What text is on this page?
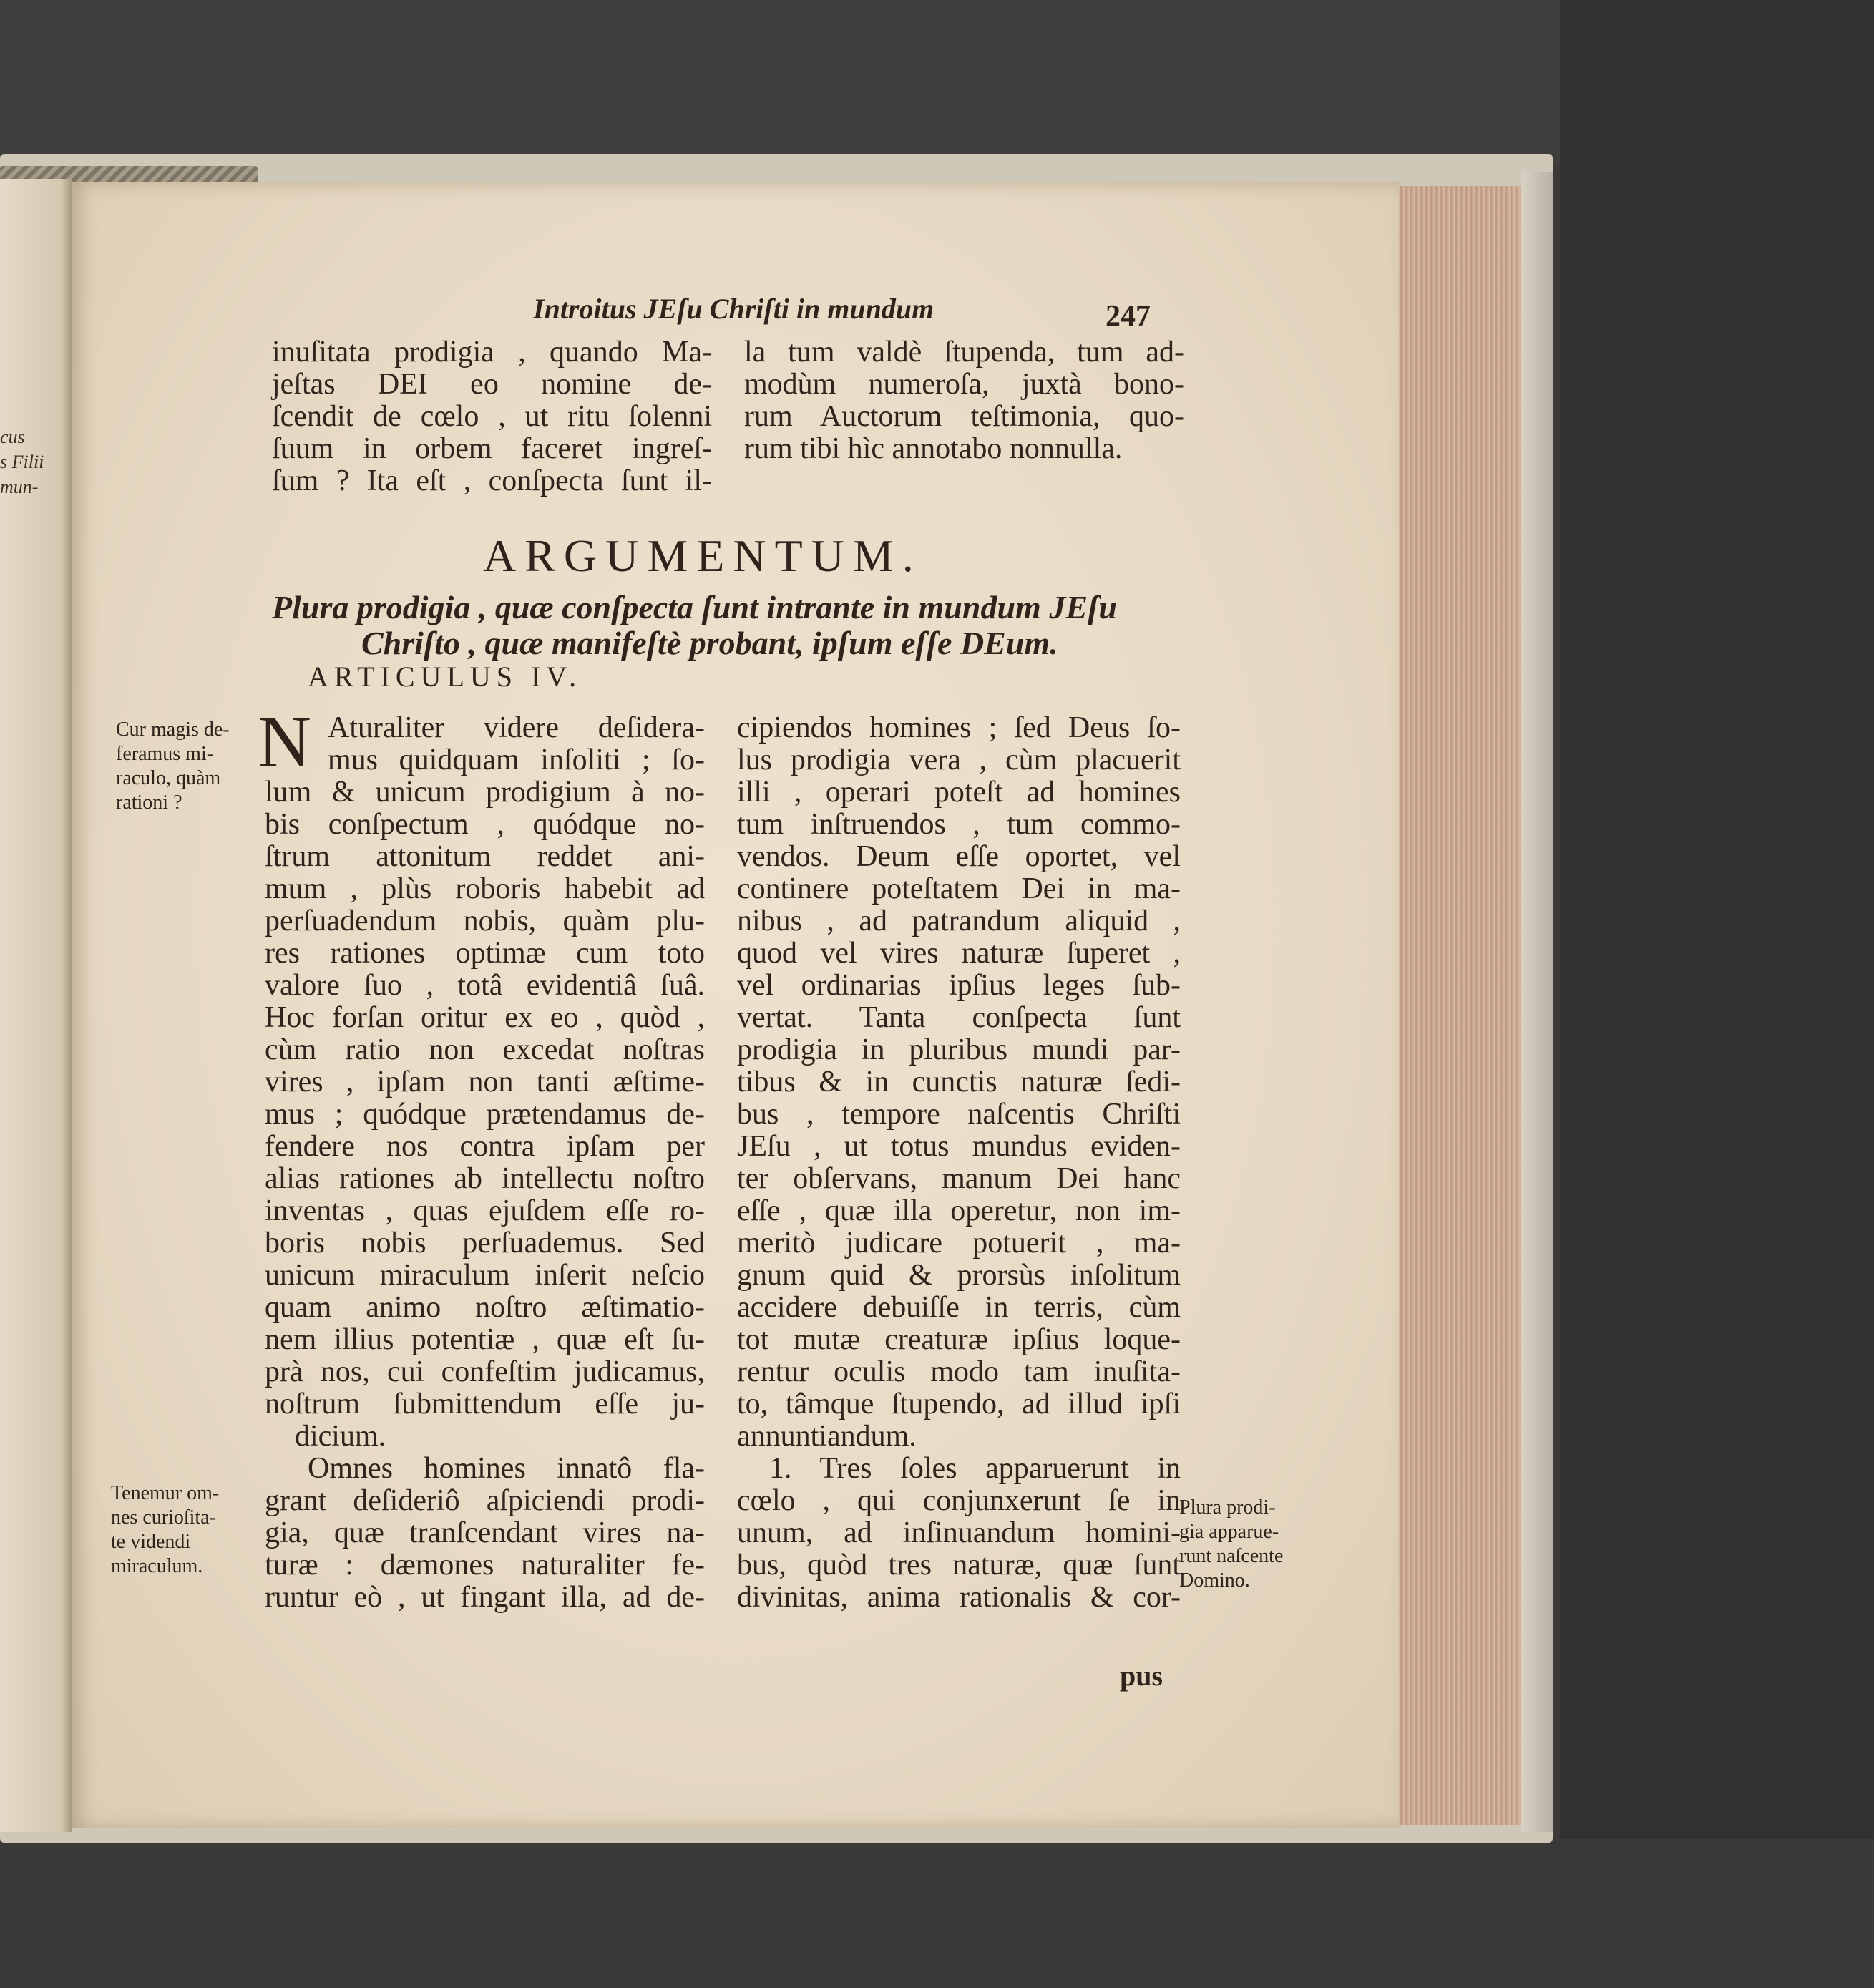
cus
s Filii
mun-
Introitus JEſu Chriſti in mundum	247
inuſitata prodigia , quando Ma-
jeſtas DEI eo nomine de-
ſcendit de cœlo , ut ritu ſolenni
ſuum in orbem faceret ingreſ-
ſum ? Ita eſt , conſpecta ſunt il-
la tum valdè ſtupenda, tum ad-
modùm numeroſa, juxtà bono-
rum Auctorum teſtimonia, quo-
rum tibi hìc annotabo nonnulla.
ARGUMENTUM.
Plura prodigia , quæ conſpecta ſunt intrante in mundum JEſu
Chriſto , quæ manifeſtè probant, ipſum eſſe DEum.
ARTICULUS IV.
N Aturaliter videre deſidera-
mus quidquam inſoliti ; ſo-
lum & unicum prodigium à no-
bis conſpectum , quódque no-
ſtrum attonitum reddet ani-
mum , plùs roboris habebit ad
perſuadendum nobis, quàm plu-
res rationes optimæ cum toto
valore ſuo , totâ evidentiâ ſuâ.
Hoc forſan oritur ex eo , quòd ,
cùm ratio non excedat noſtras
vires , ipſam non tanti æſtime-
mus ; quódque prætendamus de-
fendere nos contra ipſam per
alias rationes ab intellectu noſtro
inventas , quas ejuſdem eſſe ro-
boris nobis perſuademus. Sed
unicum miraculum inſerit neſcio
quam animo noſtro æſtimatio-
nem illius potentiæ , quæ eſt ſu-
prà nos, cui confeſtim judicamus,
noſtrum ſubmittendum eſſe ju-
dicium.
Omnes homines innatô fla-
grant deſideriô aſpiciendi prodi-
gia, quæ tranſcendant vires na-
turæ : dæmones naturaliter fe-
runtur eò , ut fingant illa, ad de-
cipiendos homines ; ſed Deus ſo-
lus prodigia vera , cùm placuerit
illi , operari poteſt ad homines
tum inſtruendos , tum commo-
vendos. Deum eſſe oportet, vel
continere poteſtatem Dei in ma-
nibus , ad patrandum aliquid ,
quod vel vires naturæ ſuperet ,
vel ordinarias ipſius leges ſub-
vertat. Tanta conſpecta ſunt
prodigia in pluribus mundi par-
tibus & in cunctis naturæ ſedi-
bus , tempore naſcentis Chriſti
JEſu , ut totus mundus eviden-
ter obſervans, manum Dei hanc
eſſe , quæ illa operetur, non im-
meritò judicare potuerit , ma-
gnum quid & prorsùs inſolitum
accidere debuiſſe in terris, cùm
tot mutæ creaturæ ipſius loque-
rentur oculis modo tam inuſita-
to, tâmque ſtupendo, ad illud ipſi
annuntiandum.
1. Tres ſoles apparuerunt in
cœlo , qui conjunxerunt ſe in
unum, ad inſinuandum homini-
bus, quòd tres naturæ, quæ ſunt
divinitas, anima rationalis & cor-
pus
Cur magis de-
feramus mi-
raculo, quàm
rationi ?
Tenemur om-
nes curioſita-
te videndi
miraculum.
Plura prodi-
gia apparue-
runt naſcente
Domino.
